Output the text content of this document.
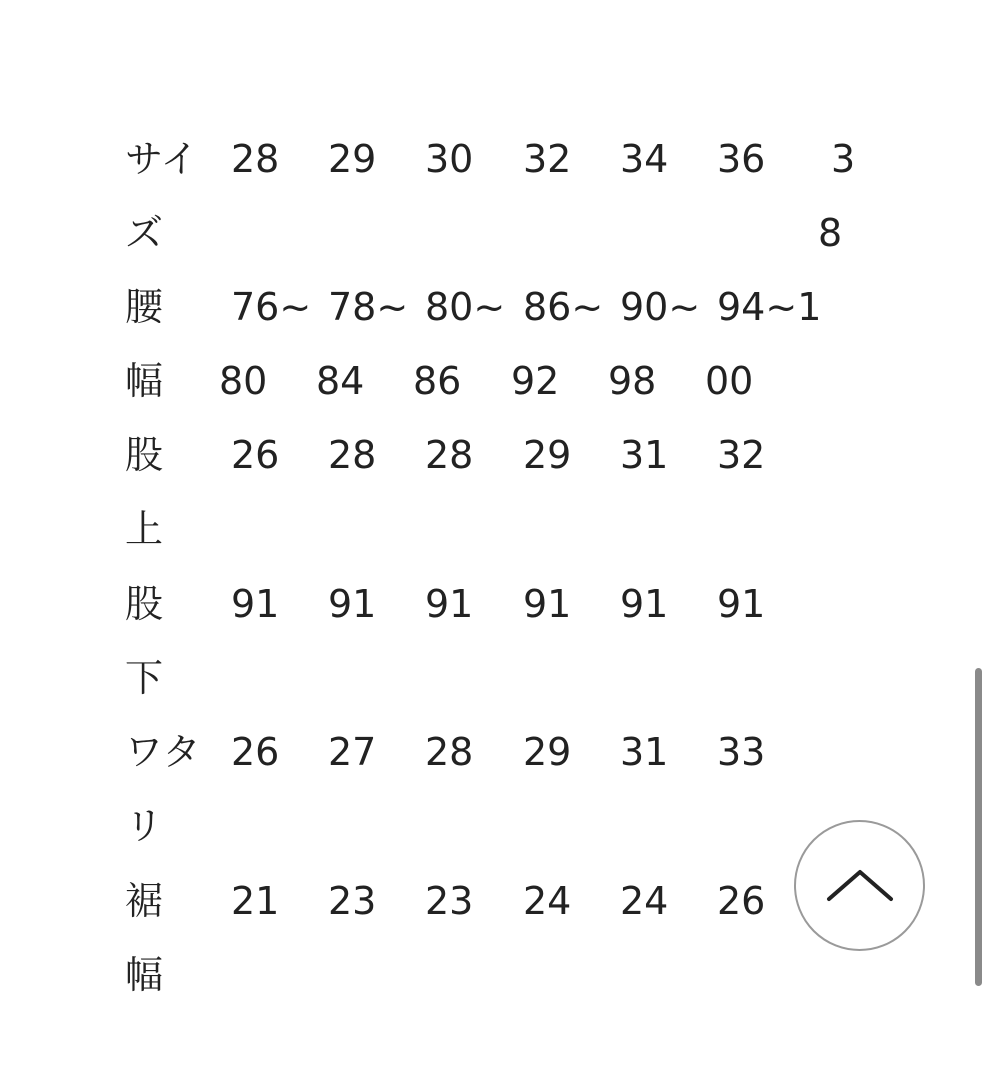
サイ
ズ
28 29 30 32 34 36 3
8
腰
幅
76~
80
78~
84
80~
86
86~
92
90~
98
94~1
00
股
上
26 28 28 29 31 32
股
下
91 91 91 91 91 91
ワタ
リ
26 27 28 29 31 33
裾
幅
21 23 23 24 24 26
